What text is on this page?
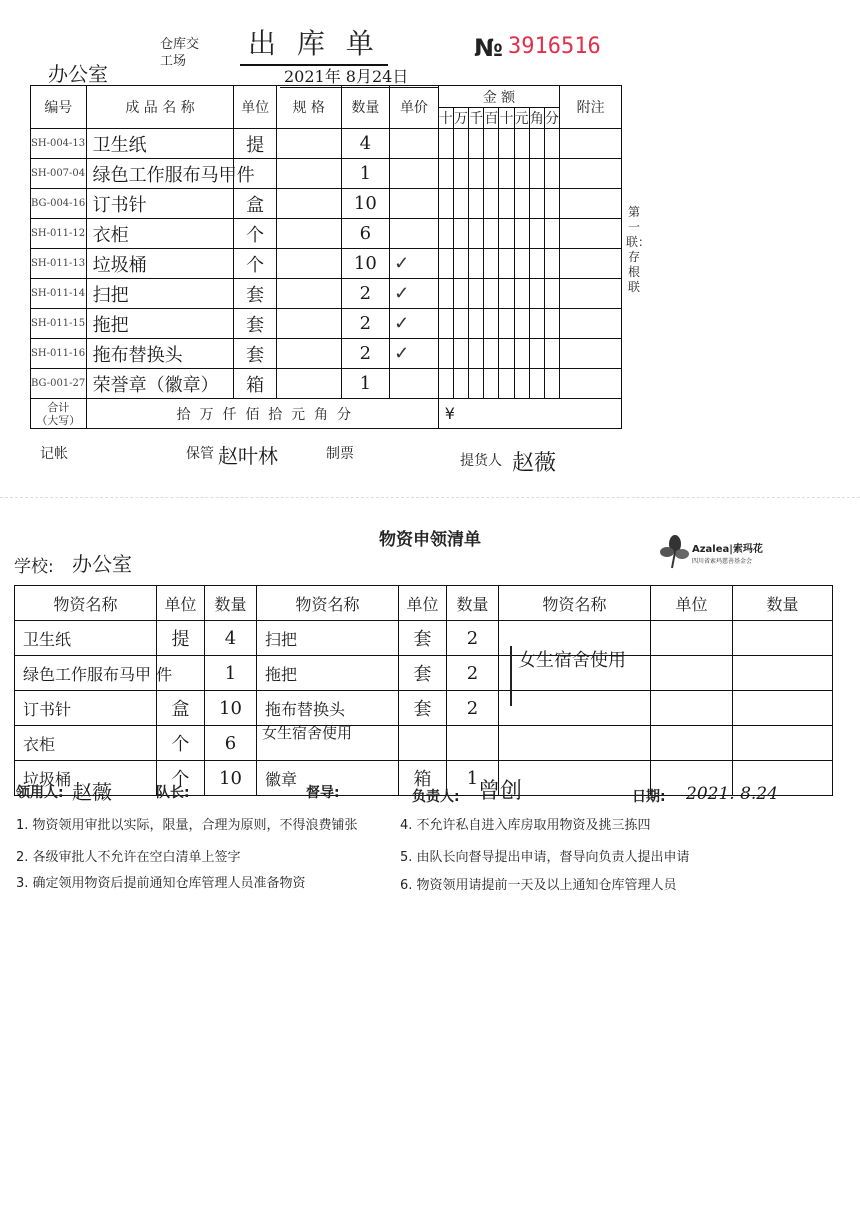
仓库交
工场
出 库 单	№ 3916516
办公室	2021年 8月24日
编号	成 品 名 称	单位	规 格	数量	单价	金 额								附注
						十	万	千	百	十	元	角	分	
SH-004-13	卫生纸	提		4										
SH-007-04	绿色工作服布马甲件			1										
BG-004-16	订书针	盒		10										
SH-011-12	衣柜	个		6										
SH-011-13	垃圾桶	个		10	✓									
SH-011-14	扫把	套		2	✓									
SH-011-15	拖把	套		2	✓									
SH-011-16	拖布替换头	套		2	✓									
BG-001-27	荣誉章（徽章）	箱		1										
合计
（大写）	拾  万  仟  佰  拾  元  角  分					¥								
第一联：存根联
记帐	保管 赵叶林	制票	提货人 赵薇
物资申领清单
学校: 办公室
Azalea|索玛花
四川省索玛慈善基金会
物资名称	单位	数量	物资名称	单位	数量	物资名称	单位	数量
卫生纸	提	4	扫把	套	2			
绿色工作服布马甲 件		1	拖把	套	2			
订书针	盒	10	拖布替换头	套	2			
衣柜	个	6						
垃圾桶	个	10	徽章	箱	1			
女生宿舍使用
女生宿舍使用
领用人: 赵薇	队长:	督导:	负责人: 曾创	日期: 2021. 8.24
1. 物资领用审批以实际，限量，合理为原则，不得浪费铺张	4. 不允许私自进入库房取用物资及挑三拣四
2. 各级审批人不允许在空白清单上签字	5. 由队长向督导提出申请，督导向负责人提出申请
3. 确定领用物资后提前通知仓库管理人员准备物资	6. 物资领用请提前一天及以上通知仓库管理人员
